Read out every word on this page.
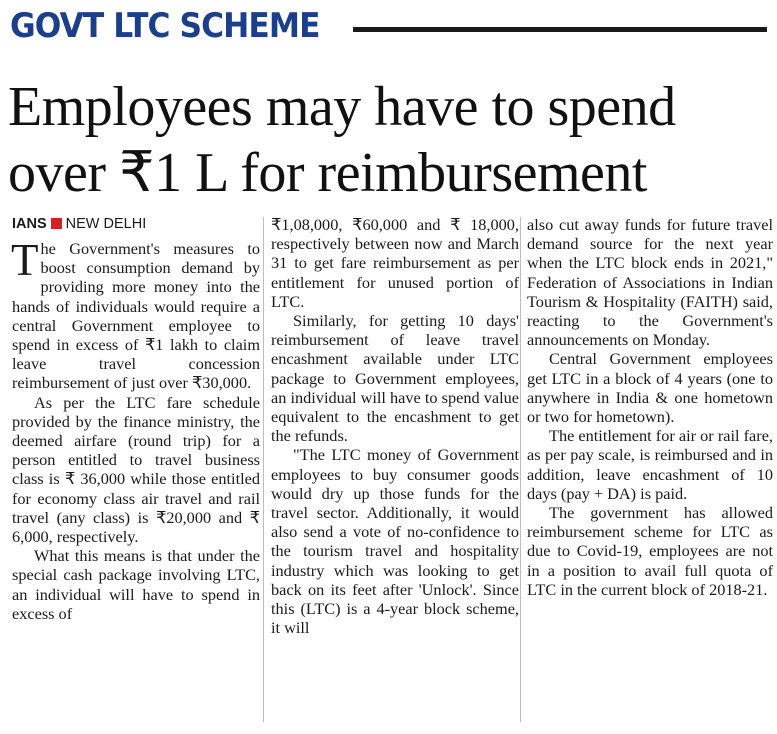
GOVT LTC SCHEME
Employees may have to spend
over ₹1 L for reimbursement
IANS NEW DELHI

The Government's measures to boost consumption demand by providing more money into the hands of individuals would require a central Government employee to spend in excess of ₹1 lakh to claim leave travel concession reimbursement of just over ₹30,000.

As per the LTC fare schedule provided by the finance ministry, the deemed airfare (round trip) for a person entitled to travel business class is ₹ 36,000 while those entitled for economy class air travel and rail travel (any class) is ₹20,000 and ₹ 6,000, respectively.

What this means is that under the special cash package involving LTC, an individual will have to spend in excess of

₹1,08,000, ₹60,000 and ₹ 18,000, respectively between now and March 31 to get fare reimbursement as per entitlement for unused portion of LTC.

Similarly, for getting 10 days' reimbursement of leave travel encashment available under LTC package to Government employees, an individual will have to spend value equivalent to the encashment to get the refunds.

"The LTC money of Government employees to buy consumer goods would dry up those funds for the travel sector. Additionally, it would also send a vote of no-confidence to the tourism travel and hospitality industry which was looking to get back on its feet after 'Unlock'. Since this (LTC) is a 4-year block scheme, it will

also cut away funds for future travel demand source for the next year when the LTC block ends in 2021," Federation of Associations in Indian Tourism & Hospitality (FAITH) said, reacting to the Government's announcements on Monday.

Central Government employees get LTC in a block of 4 years (one to anywhere in India & one hometown or two for hometown).

The entitlement for air or rail fare, as per pay scale, is reimbursed and in addition, leave encashment of 10 days (pay + DA) is paid.

The government has allowed reimbursement scheme for LTC as due to Covid-19, employees are not in a position to avail full quota of LTC in the current block of 2018-21.
